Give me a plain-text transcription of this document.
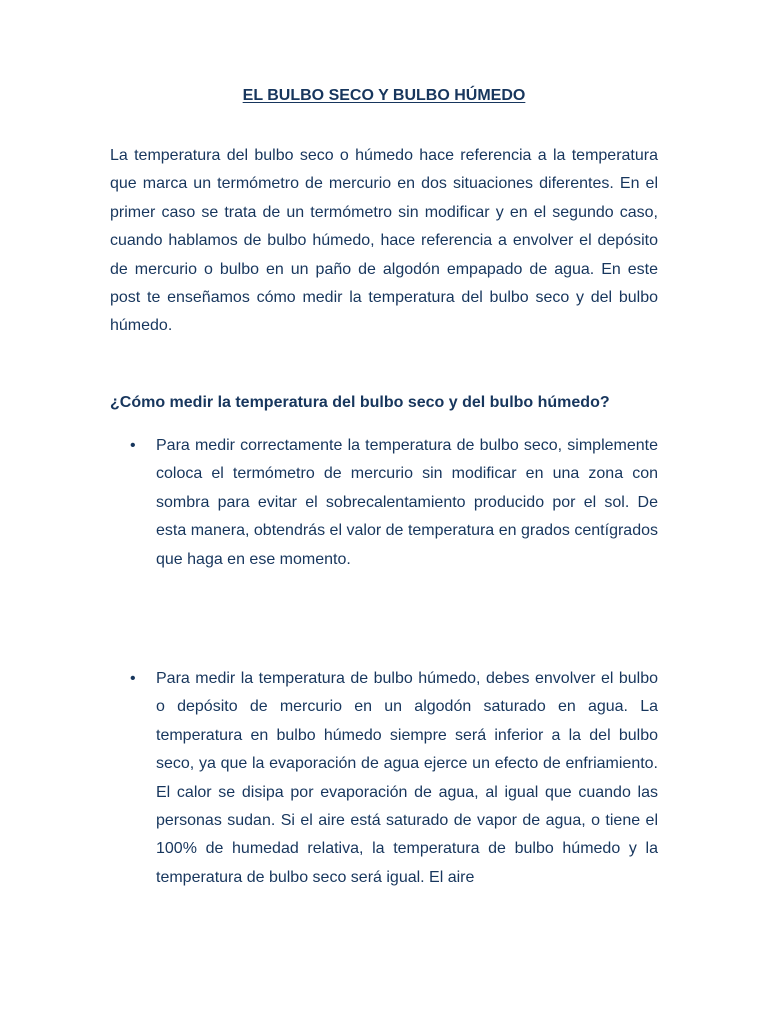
EL BULBO SECO Y BULBO HÚMEDO

La temperatura del bulbo seco o húmedo hace referencia a la temperatura que marca un termómetro de mercurio en dos situaciones diferentes. En el primer caso se trata de un termómetro sin modificar y en el segundo caso, cuando hablamos de bulbo húmedo, hace referencia a envolver el depósito de mercurio o bulbo en un paño de algodón empapado de agua. En este post te enseñamos cómo medir la temperatura del bulbo seco y del bulbo húmedo.

¿Cómo medir la temperatura del bulbo seco y del bulbo húmedo?
• Para medir correctamente la temperatura de bulbo seco, simplemente coloca el termómetro de mercurio sin modificar en una zona con sombra para evitar el sobrecalentamiento producido por el sol. De esta manera, obtendrás el valor de temperatura en grados centígrados que haga en ese momento.

• Para medir la temperatura de bulbo húmedo, debes envolver el bulbo o depósito de mercurio en un algodón saturado en agua. La temperatura en bulbo húmedo siempre será inferior a la del bulbo seco, ya que la evaporación de agua ejerce un efecto de enfriamiento. El calor se disipa por evaporación de agua, al igual que cuando las personas sudan. Si el aire está saturado de vapor de agua, o tiene el 100% de humedad relativa, la temperatura de bulbo húmedo y la temperatura de bulbo seco será igual. El aire
